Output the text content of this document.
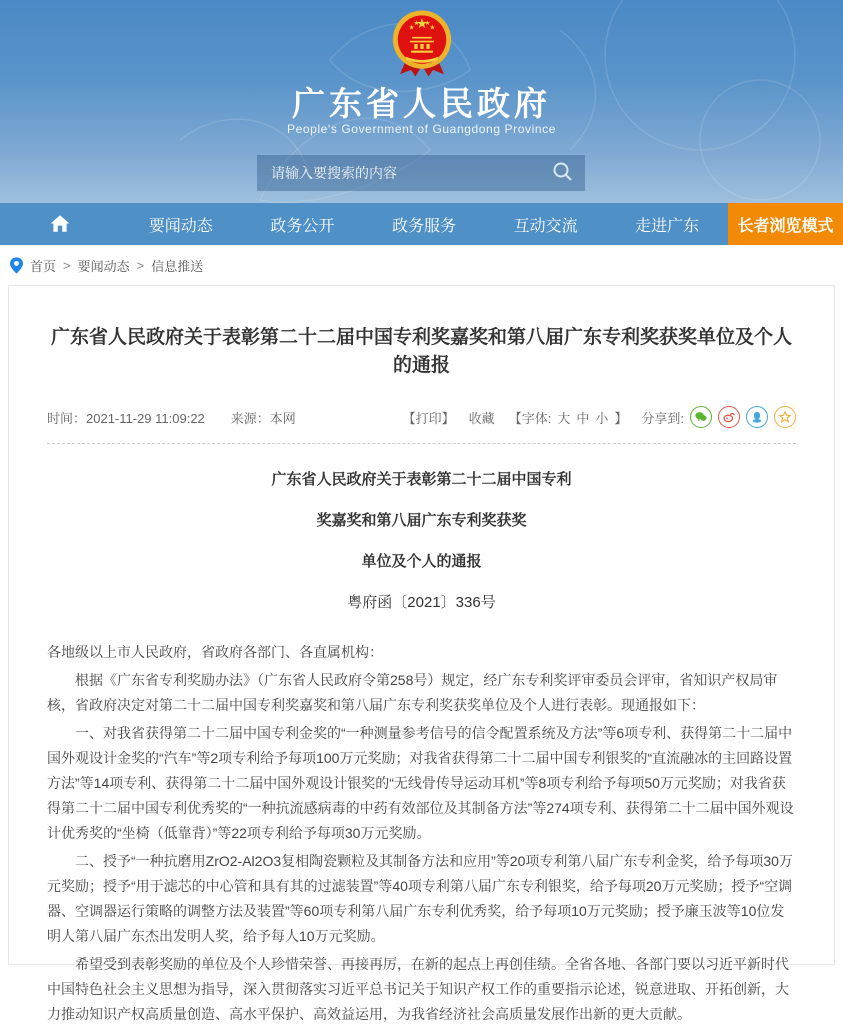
广东省人民政府
People's Government of Guangdong Province
请输入要搜索的内容
要闻动态	政务公开	政务服务	互动交流	走进广东	长者浏览模式
首页 > 要闻动态 > 信息推送
广东省人民政府关于表彰第二十二届中国专利奖嘉奖和第八届广东专利奖获奖单位及个人的通报
时间：2021-11-29 11:09:22 来源：本网	【打印】 收藏 【字体: 大 中 小 】 分享到:

广东省人民政府关于表彰第二十二届中国专利

奖嘉奖和第八届广东专利奖获奖

单位及个人的通报

粤府函〔2021〕336号

各地级以上市人民政府，省政府各部门、各直属机构：

根据《广东省专利奖励办法》（广东省人民政府令第258号）规定，经广东专利奖评审委员会评审，省知识产权局审核，省政府决定对第二十二届中国专利奖嘉奖和第八届广东专利奖获奖单位及个人进行表彰。现通报如下：

一、对我省获得第二十二届中国专利金奖的“一种测量参考信号的信令配置系统及方法”等6项专利、获得第二十二届中国外观设计金奖的“汽车”等2项专利给予每项100万元奖励；对我省获得第二十二届中国专利银奖的“直流融冰的主回路设置方法”等14项专利、获得第二十二届中国外观设计银奖的“无线骨传导运动耳机”等8项专利给予每项50万元奖励；对我省获得第二十二届中国专利优秀奖的“一种抗流感病毒的中药有效部位及其制备方法”等274项专利、获得第二十二届中国外观设计优秀奖的“坐椅（低靠背）”等22项专利给予每项30万元奖励。

二、授予“一种抗磨用ZrO2-Al2O3复相陶瓷颗粒及其制备方法和应用”等20项专利第八届广东专利金奖，给予每项30万元奖励；授予“用于滤芯的中心管和具有其的过滤装置”等40项专利第八届广东专利银奖，给予每项20万元奖励；授予“空调器、空调器运行策略的调整方法及装置”等60项专利第八届广东专利优秀奖，给予每项10万元奖励；授予廉玉波等10位发明人第八届广东杰出发明人奖，给予每人10万元奖励。

希望受到表彰奖励的单位及个人珍惜荣誉、再接再厉，在新的起点上再创佳绩。全省各地、各部门要以习近平新时代中国特色社会主义思想为指导，深入贯彻落实习近平总书记关于知识产权工作的重要指示论述，锐意进取、开拓创新，大力推动知识产权高质量创造、高水平保护、高效益运用，为我省经济社会高质量发展作出新的更大贡献。
